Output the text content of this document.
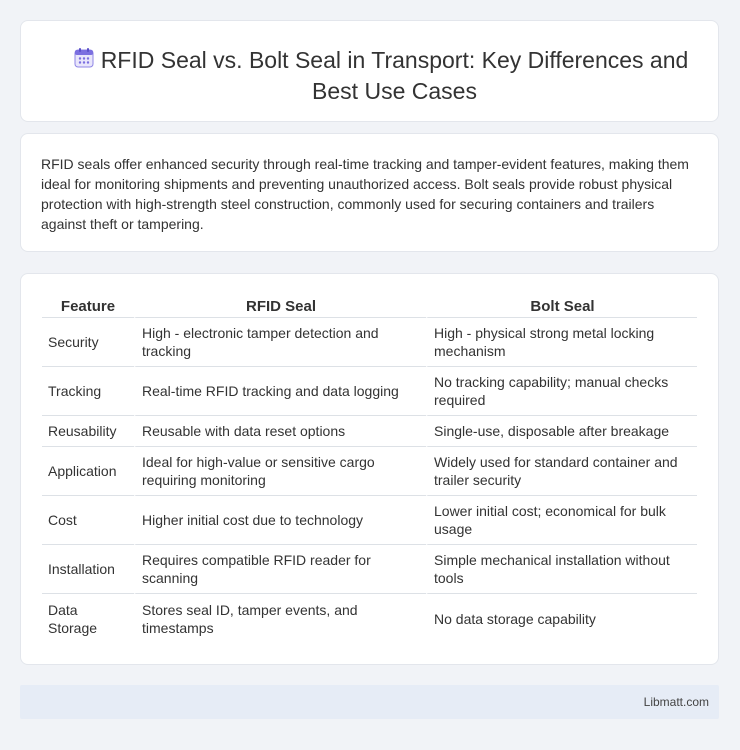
RFID Seal vs. Bolt Seal in Transport: Key Differences and Best Use Cases

RFID seals offer enhanced security through real-time tracking and tamper-evident features, making them ideal for monitoring shipments and preventing unauthorized access. Bolt seals provide robust physical protection with high-strength steel construction, commonly used for securing containers and trailers against theft or tampering.

Feature	RFID Seal	Bolt Seal
Security	High - electronic tamper detection and tracking	High - physical strong metal locking mechanism
Tracking	Real-time RFID tracking and data logging	No tracking capability; manual checks required
Reusability	Reusable with data reset options	Single-use, disposable after breakage
Application	Ideal for high-value or sensitive cargo requiring monitoring	Widely used for standard container and trailer security
Cost	Higher initial cost due to technology	Lower initial cost; economical for bulk usage
Installation	Requires compatible RFID reader for scanning	Simple mechanical installation without tools
Data Storage	Stores seal ID, tamper events, and timestamps	No data storage capability
Libmatt.com
